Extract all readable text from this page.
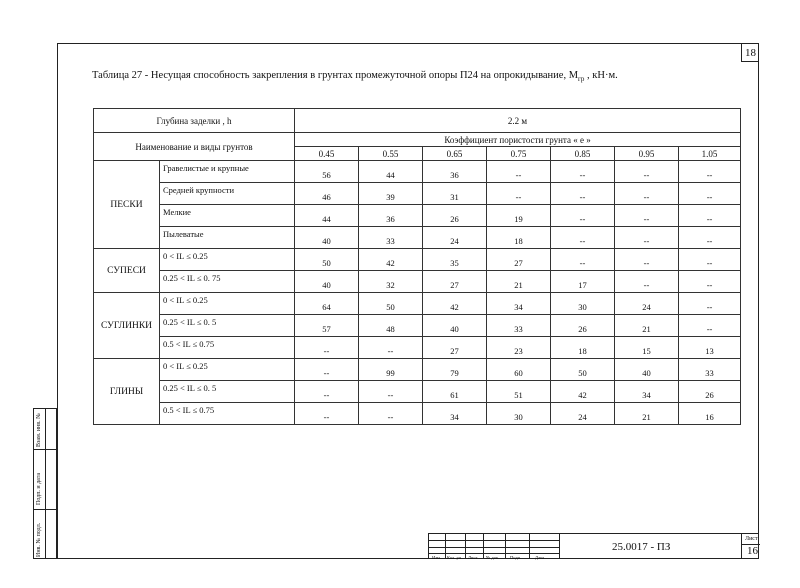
18
Таблица 27 - Несущая способность закрепления в грунтах промежуточной опоры П24 на опрокидывание, $М_{гр}$ , кН·м.
Глубина заделки , h		2.2 м						
Наименование и виды грунтов		Коэффициент пористости грунта « е »						
		0.45	0.55	0.65	0.75	0.85	0.95	1.05
ПЕСКИ	Гравелистые и крупные	56	44	36	--	--	--	--
	Средней крупности	46	39	31	--	--	--	--
	Мелкие	44	36	26	19	--	--	--
	Пылеватые	40	33	24	18	--	--	--
СУПЕСИ	0 < IL ≤ 0.25	50	42	35	27	--	--	--
	0.25 < IL ≤ 0. 75	40	32	27	21	17	--	--
СУГЛИНКИ	0 < IL ≤ 0.25	64	50	42	34	30	24	--
	0.25 < IL ≤ 0. 5	57	48	40	33	26	21	--
	0.5 < IL ≤ 0.75	--	--	27	23	18	15	13
ГЛИНЫ	0 < IL ≤ 0.25	--	99	79	60	50	40	33
	0.25 < IL ≤ 0. 5	--	--	61	51	42	34	26
	0.5 < IL ≤ 0.75	--	--	34	30	24	21	16
Инв. № подл.
Подп. и дата
Взам. инв. №
Изм Кол. уч Лист № док. Подп.	Дата
25.0017 - ПЗ
Лист
16
